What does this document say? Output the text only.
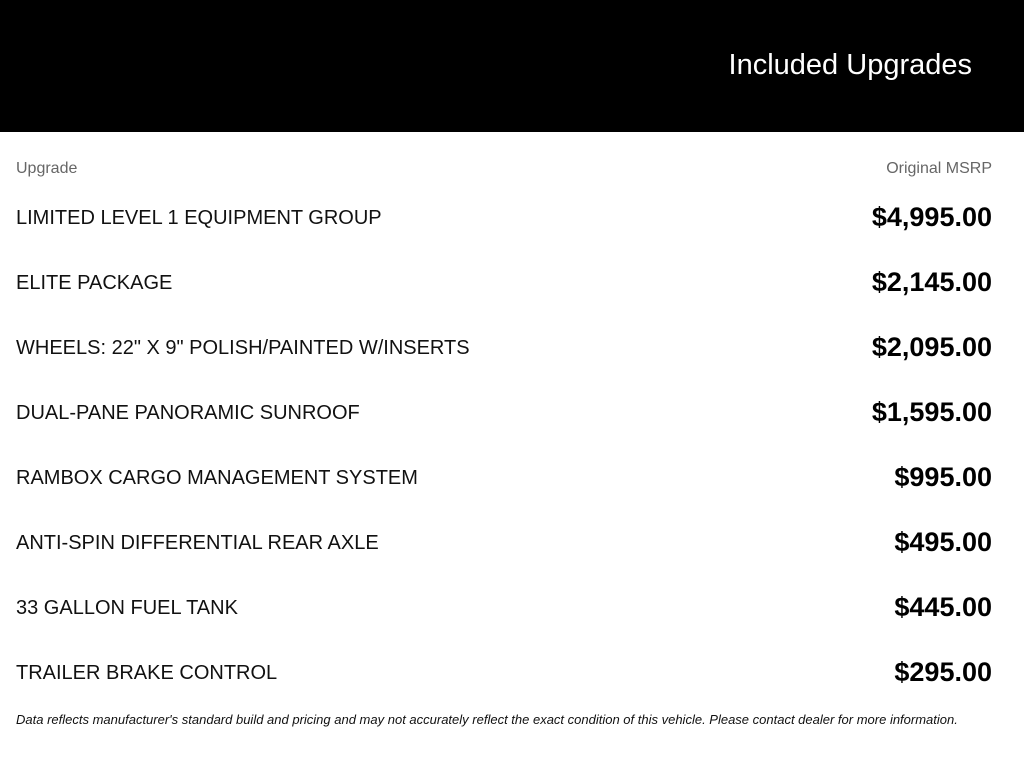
Included Upgrades
Upgrade	Original MSRP
LIMITED LEVEL 1 EQUIPMENT GROUP	$4,995.00
ELITE PACKAGE	$2,145.00
WHEELS: 22" X 9" POLISH/PAINTED W/INSERTS	$2,095.00
DUAL-PANE PANORAMIC SUNROOF	$1,595.00
RAMBOX CARGO MANAGEMENT SYSTEM	$995.00
ANTI-SPIN DIFFERENTIAL REAR AXLE	$495.00
33 GALLON FUEL TANK	$445.00
TRAILER BRAKE CONTROL	$295.00
Data reflects manufacturer's standard build and pricing and may not accurately reflect the exact condition of this vehicle. Please contact dealer for more information.
